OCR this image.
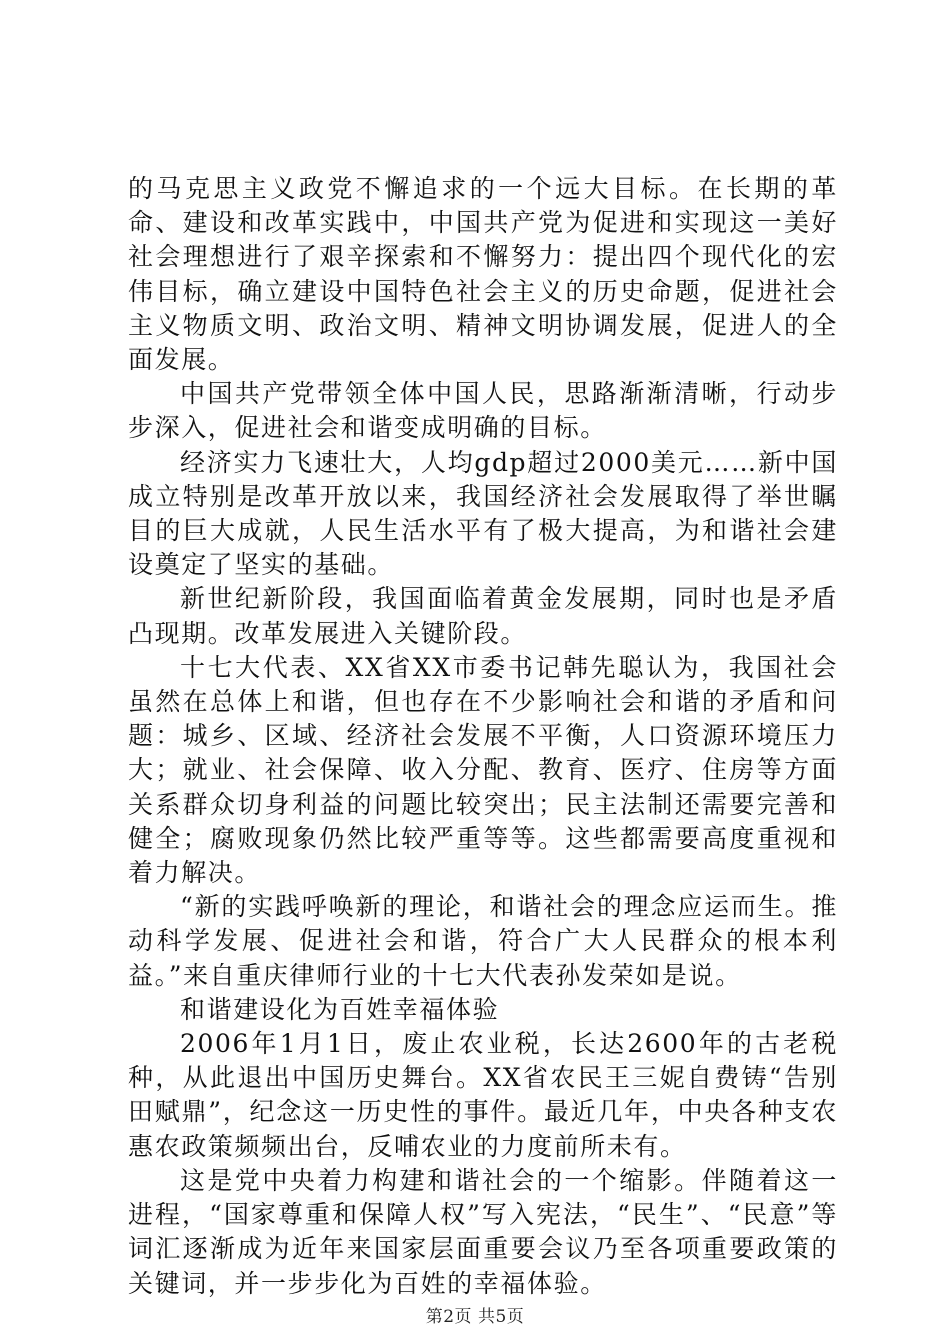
的马克思主义政党不懈追求的一个远大目标。在长期的革命、建设和改革实践中，中国共产党为促进和实现这一美好社会理想进行了艰辛探索和不懈努力：提出四个现代化的宏伟目标，确立建设中国特色社会主义的历史命题，促进社会主义物质文明、政治文明、精神文明协调发展，促进人的全面发展。

中国共产党带领全体中国人民，思路渐渐清晰，行动步步深入，促进社会和谐变成明确的目标。

经济实力飞速壮大，人均gdp超过2000美元……新中国成立特别是改革开放以来，我国经济社会发展取得了举世瞩目的巨大成就，人民生活水平有了极大提高，为和谐社会建设奠定了坚实的基础。

新世纪新阶段，我国面临着黄金发展期，同时也是矛盾凸现期。改革发展进入关键阶段。

十七大代表、XX省XX市委书记韩先聪认为，我国社会虽然在总体上和谐，但也存在不少影响社会和谐的矛盾和问题：城乡、区域、经济社会发展不平衡，人口资源环境压力大；就业、社会保障、收入分配、教育、医疗、住房等方面关系群众切身利益的问题比较突出；民主法制还需要完善和健全；腐败现象仍然比较严重等等。这些都需要高度重视和着力解决。

“新的实践呼唤新的理论，和谐社会的理念应运而生。推动科学发展、促进社会和谐，符合广大人民群众的根本利益。”来自重庆律师行业的十七大代表孙发荣如是说。

和谐建设化为百姓幸福体验

2006年1月1日，废止农业税，长达2600年的古老税种，从此退出中国历史舞台。XX省农民王三妮自费铸“告别田赋鼎”，纪念这一历史性的事件。最近几年，中央各种支农惠农政策频频出台，反哺农业的力度前所未有。

这是党中央着力构建和谐社会的一个缩影。伴随着这一进程，“国家尊重和保障人权”写入宪法，“民生”、“民意”等词汇逐渐成为近年来国家层面重要会议乃至各项重要政策的关键词，并一步步化为百姓的幸福体验。

第2页 共5页
